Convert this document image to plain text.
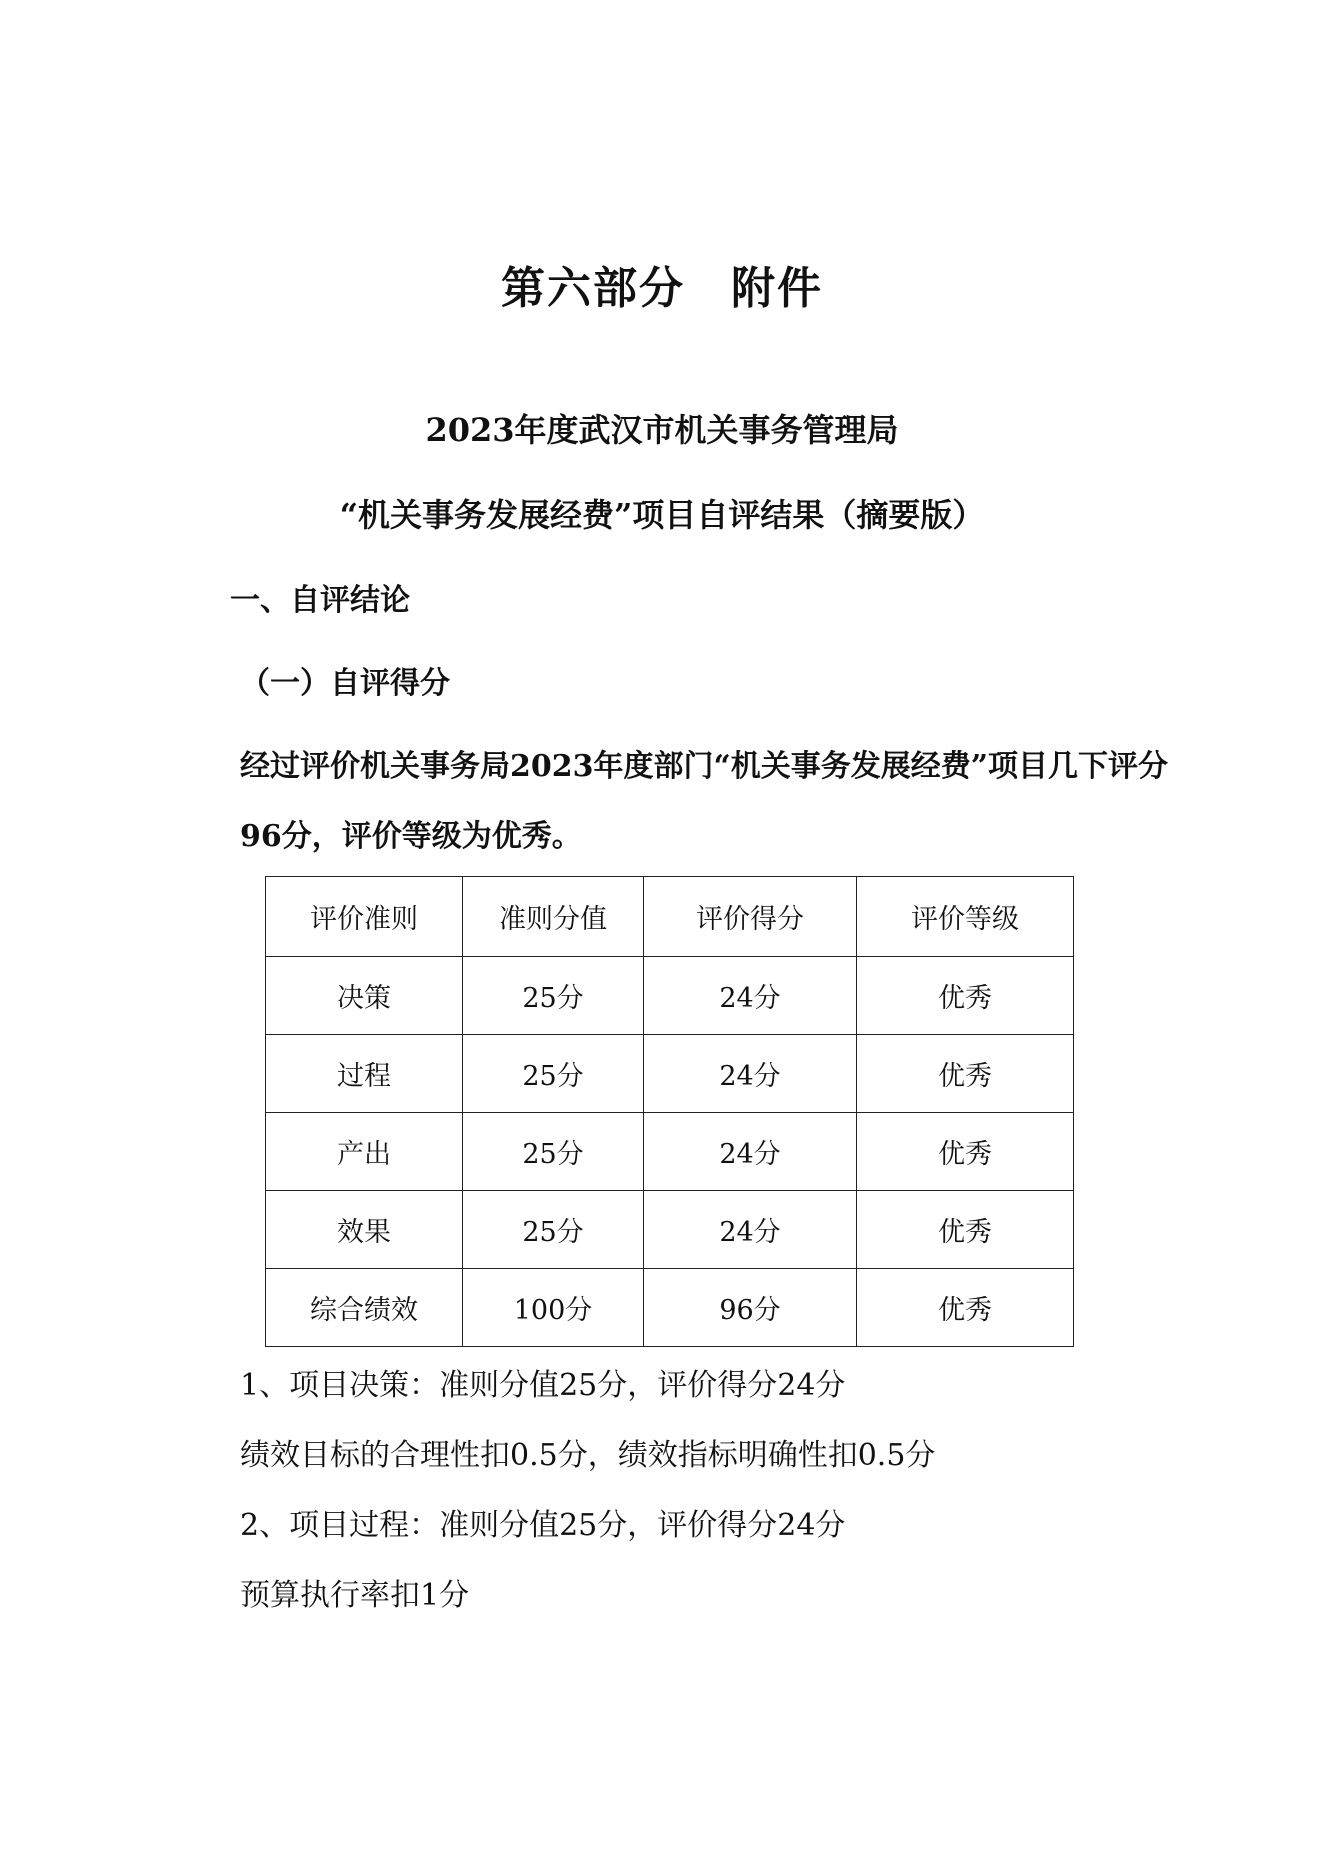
第六部分　附件
2023年度武汉市机关事务管理局
“机关事务发展经费”项目自评结果（摘要版）
一、自评结论
（一）自评得分
经过评价机关事务局2023年度部门“机关事务发展经费”项目几下评分96分，评价等级为优秀。
评价准则	准则分值	评价得分	评价等级
决策	25分	24分	优秀
过程	25分	24分	优秀
产出	25分	24分	优秀
效果	25分	24分	优秀
综合绩效	100分	96分	优秀
1、项目决策：准则分值25分，评价得分24分
绩效目标的合理性扣0.5分，绩效指标明确性扣0.5分
2、项目过程：准则分值25分，评价得分24分
预算执行率扣1分
